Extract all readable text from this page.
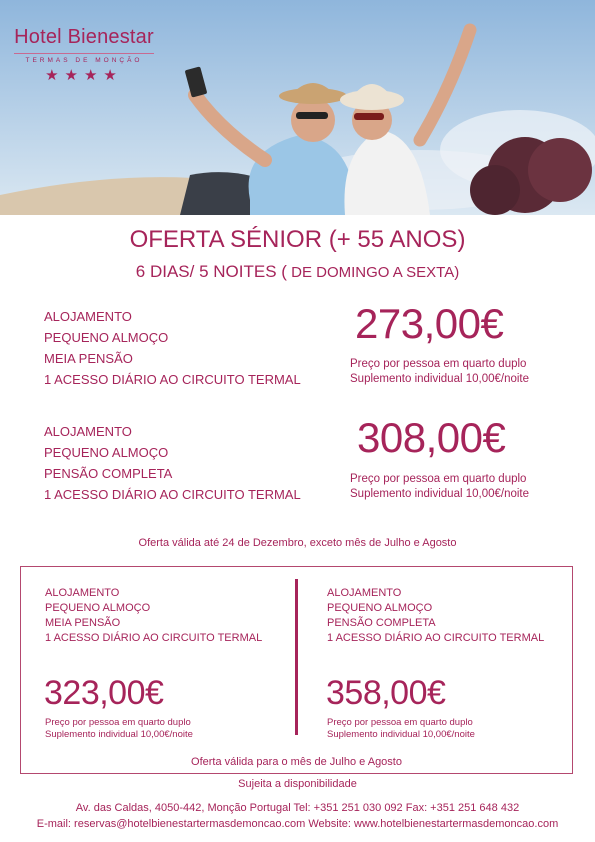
Hotel Bienestar
TERMAS DE MONÇÃO
★★★★
OFERTA SÉNIOR (+ 55 ANOS)
6 DIAS/ 5 NOITES ( DE DOMINGO A SEXTA)
ALOJAMENTO
PEQUENO ALMOÇO
MEIA PENSÃO
1 ACESSO DIÁRIO AO CIRCUITO TERMAL
273,00€
Preço por pessoa em quarto duplo
Suplemento individual 10,00€/noite
ALOJAMENTO
PEQUENO ALMOÇO
PENSÃO COMPLETA
1 ACESSO DIÁRIO AO CIRCUITO TERMAL
308,00€
Preço por pessoa em quarto duplo
Suplemento individual 10,00€/noite
Oferta válida até 24 de Dezembro, exceto mês de Julho e Agosto
ALOJAMENTO
PEQUENO ALMOÇO
MEIA PENSÃO
1 ACESSO DIÁRIO AO CIRCUITO TERMAL
323,00€
Preço por pessoa em quarto duplo
Suplemento individual 10,00€/noite
ALOJAMENTO
PEQUENO ALMOÇO
PENSÃO COMPLETA
1 ACESSO DIÁRIO AO CIRCUITO TERMAL
358,00€
Preço por pessoa em quarto duplo
Suplemento individual 10,00€/noite
Oferta válida para o mês de Julho e Agosto
Sujeita a disponibilidade
Av. das Caldas, 4050-442, Monção Portugal Tel: +351 251 030 092 Fax: +351 251 648 432
E-mail: reservas@hotelbienestartermasdemoncao.com Website: www.hotelbienestartermasdemoncao.com
